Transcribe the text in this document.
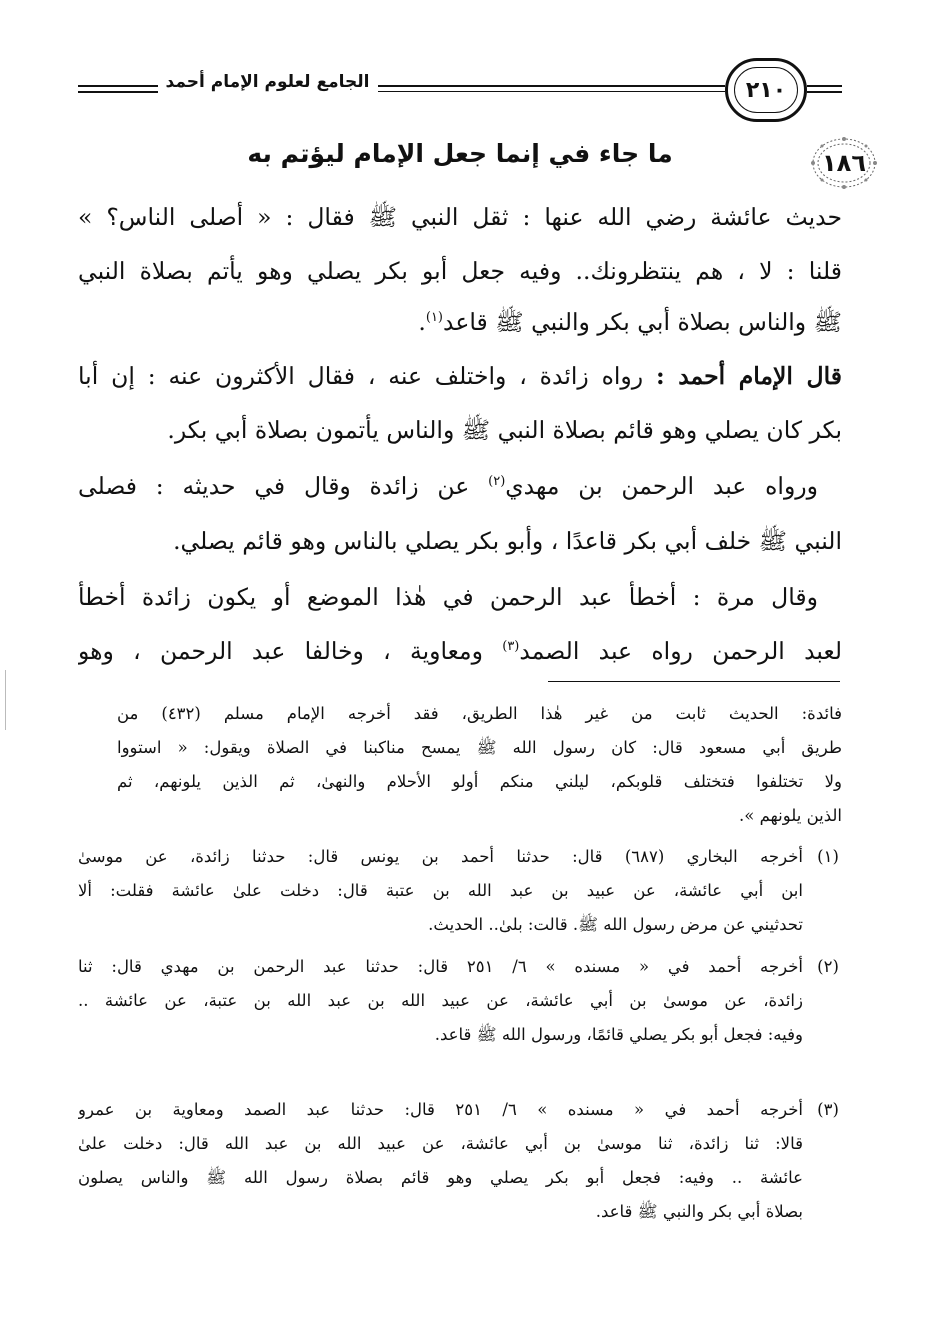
الجامع لعلوم الإمام أحمد	٢١٠
١٨٦
ما جاء في إنما جعل الإمام ليؤتم به
حديث عائشة رضي الله عنها : ثقل النبي ﷺ فقال : « أصلى الناس؟ »
قلنا : لا ، هم ينتظرونك.. وفيه جعل أبو بكر يصلي وهو يأتم بصلاة النبي
ﷺ والناس بصلاة أبي بكر والنبي ﷺ قاعد$^{(١)}$.
قال الإمام أحمد : رواه زائدة ، واختلف عنه ، فقال الأكثرون عنه : إن أبا
بكر كان يصلي وهو قائم بصلاة النبي ﷺ والناس يأتمون بصلاة أبي بكر.
ورواه عبد الرحمن بن مهدي$^{(٢)}$ عن زائدة وقال في حديثه : فصلى
النبي ﷺ خلف أبي بكر قاعدًا ، وأبو بكر يصلي بالناس وهو قائم يصلي.
وقال مرة : أخطأ عبد الرحمن في هٰذا الموضع أو يكون زائدة أخطأ
لعبد الرحمن رواه عبد الصمد$^{(٣)}$ ومعاوية ، وخالفا عبد الرحمن ، وهو
فائدة: الحديث ثابت من غير هٰذا الطريق، فقد أخرجه الإمام مسلم (٤٣٢) من
طريق أبي مسعود قال: كان رسول الله ﷺ يمسح مناكبنا في الصلاة ويقول: « استووا
ولا تختلفوا فتختلف قلوبكم، ليلني منكم أولو الأحلام والنهىٰ، ثم الذين يلونهم، ثم
الذين يلونهم ».
(١)
أخرجه البخاري (٦٨٧) قال: حدثنا أحمد بن يونس قال: حدثنا زائدة، عن موسىٰ
ابن أبي عائشة، عن عبيد بن عبد الله بن عتبة قال: دخلت علىٰ عائشة فقلت: ألا
تحدثيني عن مرض رسول الله ﷺ. قالت: بلىٰ.. الحديث.
(٢)
أخرجه أحمد في « مسنده » ٦/ ٢٥١ قال: حدثنا عبد الرحمن بن مهدي قال: ثنا
زائدة، عن موسىٰ بن أبي عائشة، عن عبيد الله بن عبد الله بن عتبة، عن عائشة ..
وفيه: فجعل أبو بكر يصلي قائمًا، ورسول الله ﷺ قاعد.
(٣)
أخرجه أحمد في « مسنده » ٦/ ٢٥١ قال: حدثنا عبد الصمد ومعاوية بن عمرو
قالا: ثنا زائدة، ثنا موسىٰ بن أبي عائشة، عن عبيد الله بن عبد الله قال: دخلت علىٰ
عائشة .. وفيه: فجعل أبو بكر يصلي وهو قائم بصلاة رسول الله ﷺ والناس يصلون
بصلاة أبي بكر والنبي ﷺ قاعد.
